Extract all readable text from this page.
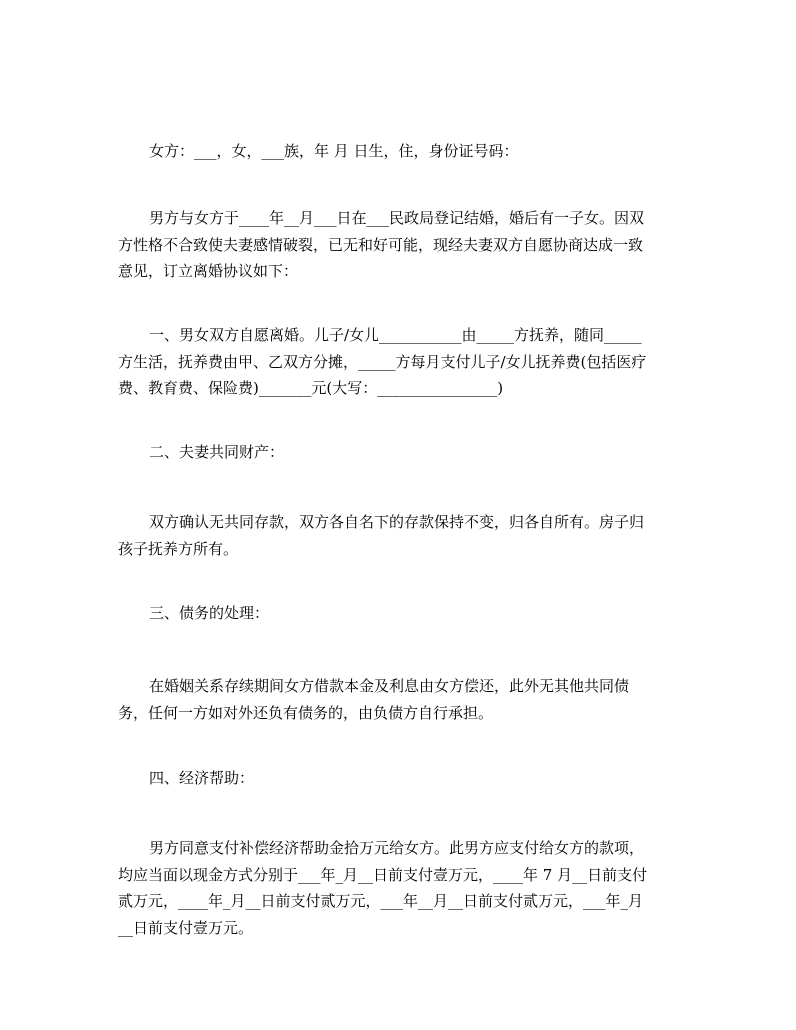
女方：___，女，___族，年 月 日生，住，身份证号码：

男方与女方于____年__月___日在___民政局登记结婚，婚后有一子女。因双
方性格不合致使夫妻感情破裂，已无和好可能，现经夫妻双方自愿协商达成一致
意见，订立离婚协议如下：

一、男女双方自愿离婚。儿子/女儿___________由_____方抚养，随同_____
方生活，抚养费由甲、乙双方分摊，_____方每月支付儿子/女儿抚养费(包括医疗
费、教育费、保险费)_______元(大写：________________)

二、夫妻共同财产：

双方确认无共同存款，双方各自名下的存款保持不变，归各自所有。房子归
孩子抚养方所有。

三、债务的处理：

在婚姻关系存续期间女方借款本金及利息由女方偿还，此外无其他共同债
务，任何一方如对外还负有债务的，由负债方自行承担。

四、经济帮助：

男方同意支付补偿经济帮助金拾万元给女方。此男方应支付给女方的款项，
均应当面以现金方式分别于___年_月__日前支付壹万元，____年 7 月__日前支付
贰万元，____年_月__日前支付贰万元，___年__月__日前支付贰万元，___年_月
__日前支付壹万元。
